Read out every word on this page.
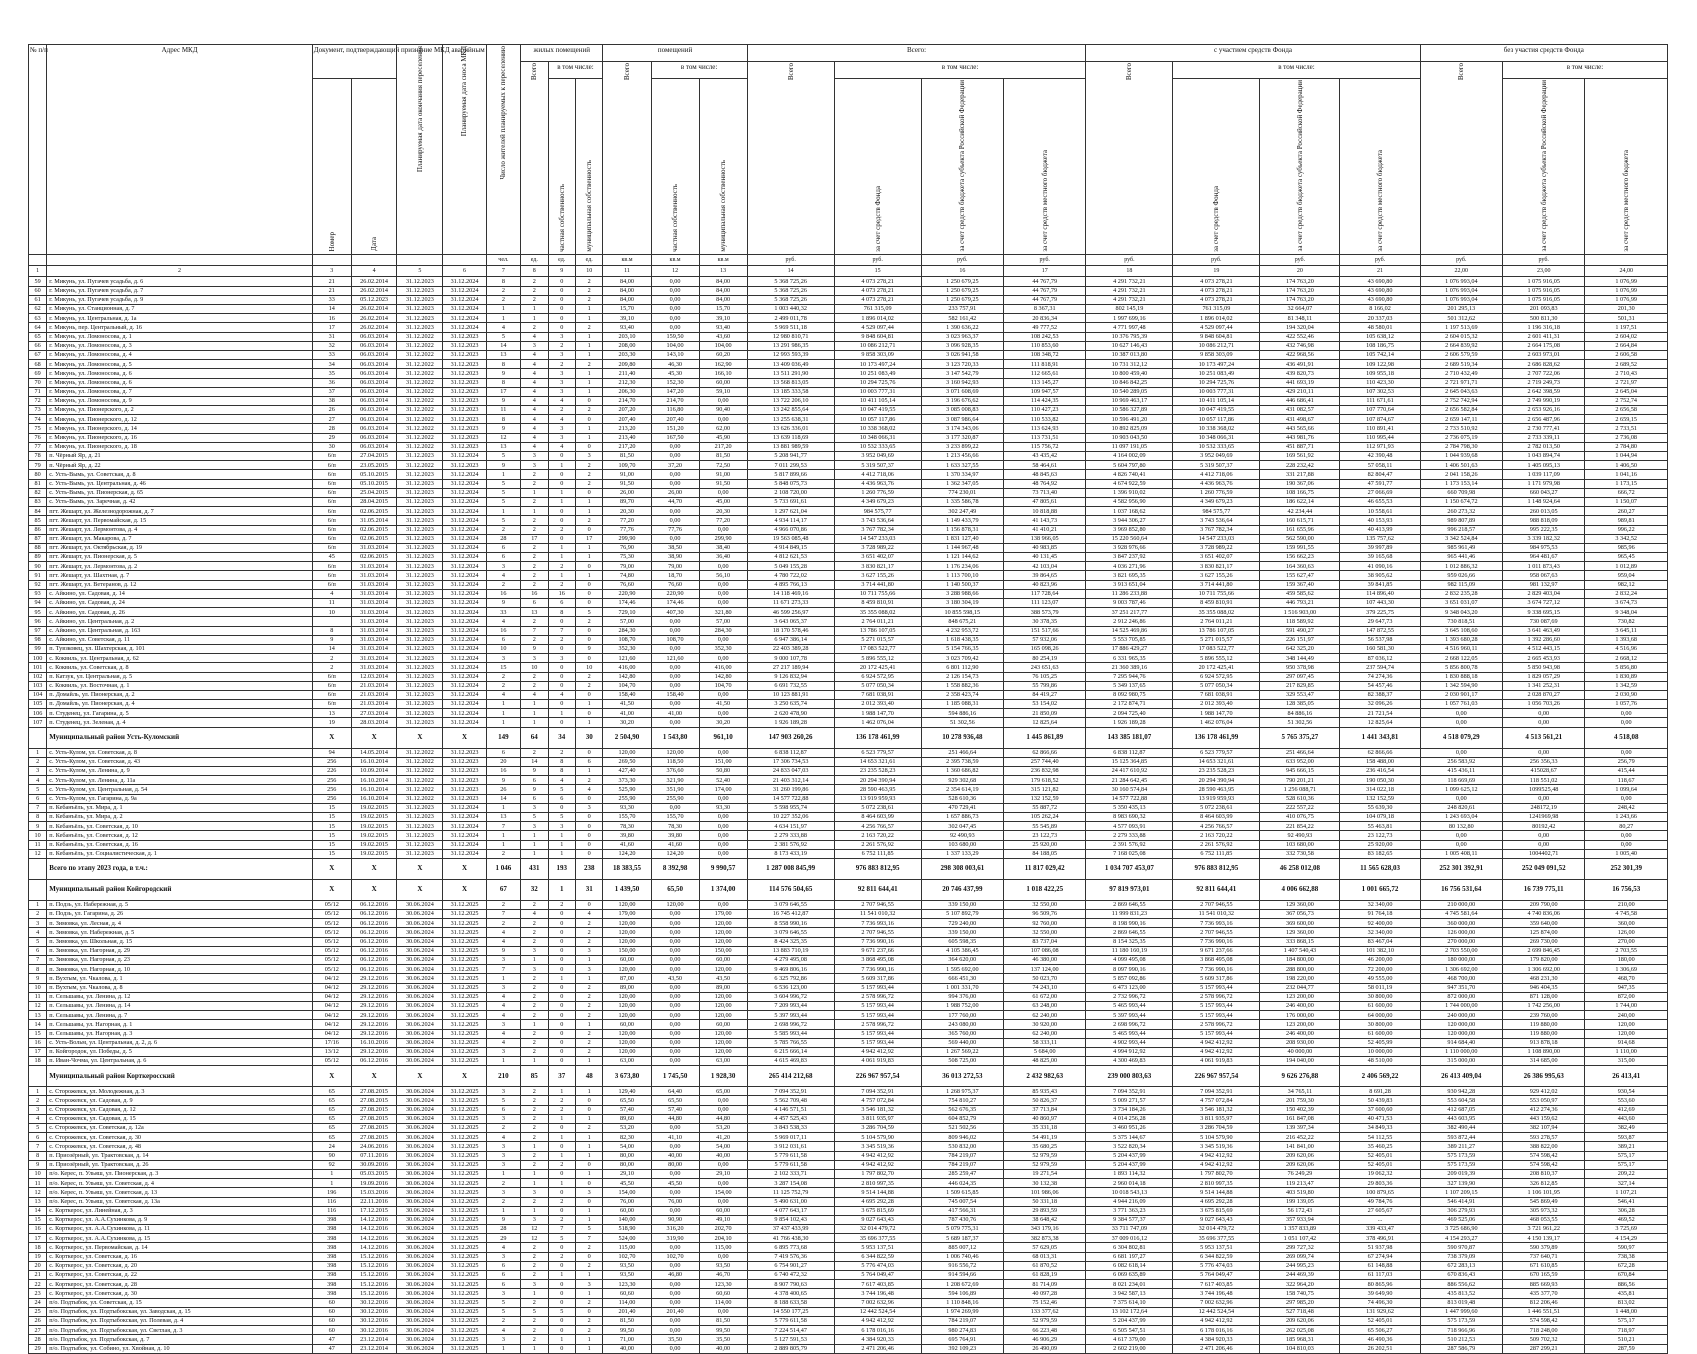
№ п/п	Адрес МКД	Документ, подтверждающий признание МКД аварийным		Планируемая дата окончания переселения	Планируемая дата сноса МКД	Число жителей планируемых к переселению	жилых помещений			помещений			Всего:				с участием средств Фонда				без участия средств Фонда		
							Всего	в том числе:		Всего	в том числе:		Всего	в том числе:			Всего	в том числе:			Всего	в том числе:	
		Номер	Дата					частная собственность	муниципальная собственность		частная собственность	муниципальная собственность		за счет средств Фонда	за счет средств бюджета субъекта Российской Федерации	за счет средств местного бюджета		за счет средств Фонда	за счет средств бюджета субъекта Российской Федерации	за счет средств местного бюджета		за счет средств бюджета субъекта Российской Федерации	за счет средств местного бюджета
						чел.	ед.	ед.	ед.	кв.м	кв.м	кв.м	руб.	руб.	руб.	руб.	руб.	руб.	руб.	руб.	руб.	руб.	
1	2	3	4	5	6	7	8	9	10	11	12	13	14	15	16	17	18	19	20	21	22,00	23,00	24,00
59	г. Микунь, ул. Пугачев усадьба, д. 6	21	26.02.2014	31.12.2023	31.12.2024	8	2	0	2	84,00	0,00	84,00	5 368 725,26	4 073 278,21	1 250 679,25	44 767,79	4 291 732,21	4 073 278,21	174 763,20	43 690,80	1 076 993,04	1 075 916,05	1 076,99
60	г. Микунь, ул. Пугачев усадьба, д. 7	21	26.02.2014	31.12.2023	31.12.2024	2	2	0	2	84,00	0,00	84,00	5 368 725,26	4 073 278,21	1 250 679,25	44 767,79	4 291 732,21	4 073 278,21	174 763,20	43 690,80	1 076 993,04	1 075 916,05	1 076,99
61	г. Микунь, ул. Пугачев усадьба, д. 9	33	05.12.2023	31.12.2023	31.12.2024	2	2	0	2	84,00	0,00	84,00	5 368 725,26	4 073 278,21	1 250 679,25	44 767,79	4 291 732,21	4 073 278,21	174 763,20	43 690,80	1 076 993,04	1 075 916,05	1 076,99
62	г. Микунь, ул. Станционная, д. 7	14	26.02.2014	31.12.2023	31.12.2024	1	1	0	1	15,70	0,00	15,70	1 003 440,32	761 315,09	233 757,91	8 367,31	802 145,19	761 315,09	32 664,07	8 166,02	201 295,13	201 093,83	201,30
63	г. Микунь, ул. Центральная, д. 1а	16	26.02.2014	31.12.2023	31.12.2024	1	1	0	1	39,10	0,00	39,10	2 499 011,78	1 896 014,02	582 161,42	20 836,34	1 997 699,16	1 896 014,02	81 348,11	20 337,03	501 312,62	500 811,30	501,31
64	г. Микунь, пер. Центральный, д. 16	17	26.02.2014	31.12.2023	31.12.2024	4	2	0	2	93,40	0,00	93,40	5 969 511,18	4 529 097,44	1 390 636,22	49 777,52	4 771 997,48	4 529 097,44	194 320,04	48 580,01	1 197 513,69	1 196 316,18	1 197,51
65	г. Микунь, ул. Ломоносова, д. 1	31	06.03.2014	31.12.2022	31.12.2023	5	4	3	1	203,10	159,50	43,60	12 980 810,71	9 848 604,81	3 023 963,37	108 242,53	10 376 795,39	9 848 604,81	422 552,46	105 638,12	2 604 015,32	2 601 411,31	2 604,02
66	г. Микунь, ул. Ломоносова, д. 3	32	06.03.2014	31.12.2022	31.12.2023	14	3	2	1	208,00	104,00	104,00	13 291 986,35	10 086 212,71	3 096 928,35	110 853,60	10 627 146,43	10 086 212,71	432 746,98	108 186,75	2 664 839,92	2 664 175,08	2 664,84
67	г. Микунь, ул. Ломоносова, д. 4	33	06.03.2014	31.12.2022	31.12.2023	13	4	3	1	203,30	143,10	60,20	12 993 593,39	9 858 303,09	3 026 941,58	108 348,72	10 387 013,80	9 858 303,09	422 968,56	105 742,14	2 606 579,59	2 603 973,01	2 606,58
68	г. Микунь, ул. Ломоносова, д. 5	34	06.03.2014	31.12.2022	31.12.2023	8	4	2	2	209,80	46,30	162,90	13 409 036,49	10 173 497,24	3 123 720,33	111 818,91	10 731 312,12	10 173 497,24	436 491,91	109 122,98	2 689 519,34	2 686 828,62	2 689,52
69	г. Микунь, ул. Ломоносова, д. 6	35	06.03.2014	31.12.2022	31.12.2023	9	4	3	1	211,40	45,30	166,10	13 511 291,90	10 251 083,49	3 147 542,79	112 665,61	10 800 459,40	10 251 083,49	439 820,73	109 955,18	2 710 432,49	2 707 722,06	2 710,43
70	г. Микунь, ул. Ломоносова, д. 6	36	06.03.2014	31.12.2022	31.12.2023	8	4	3	1	212,30	152,30	60,00	13 568 813,05	10 294 725,76	3 160 942,93	113 145,27	10 846 842,25	10 294 725,76	441 693,19	110 423,30	2 721 971,71	2 719 249,73	2 721,97
71	г. Микунь, ул. Ломоносова, д. 7	37	06.03.2014	31.12.2022	31.12.2023	17	4	3	1	206,30	147,20	59,10	13 185 333,58	10 003 777,31	3 071 608,69	109 947,57	10 540 289,05	10 003 777,31	429 210,11	107 302,53	2 645 043,63	2 642 398,59	2 645,04
72	г. Микунь, ул. Ломоносова, д. 9	38	06.03.2014	31.12.2022	31.12.2023	9	4	4	0	214,70	214,70	0,00	13 722 206,10	10 411 105,14	3 196 676,62	114 424,35	10 969 463,17	10 411 105,14	446 686,41	111 671,61	2 752 742,94	2 749 990,19	2 752,74
73	г. Микунь, ул. Пионерского, д. 2	26	06.03.2014	31.12.2022	31.12.2023	11	4	2	2	207,20	116,80	90,40	13 242 855,64	10 047 419,55	3 085 008,83	110 427,23	10 586 327,89	10 047 419,55	431 082,57	107 770,64	2 656 582,84	2 653 926,16	2 656,58
74	г. Микунь, ул. Пионерского, д. 12	27	06.03.2014	31.12.2022	31.12.2023	8	4	4	0	207,40	207,40	0,00	13 255 638,31	10 057 117,86	3 087 986,64	110 533,82	10 596 491,20	10 057 117,86	431 498,67	107 874,67	2 659 147,11	2 656 487,96	2 659,15
75	г. Микунь, ул. Пионерского, д. 14	28	06.03.2014	31.12.2022	31.12.2023	9	4	3	1	213,20	151,20	62,00	13 626 336,01	10 338 368,02	3 174 343,06	113 624,93	10 892 825,09	10 338 368,02	443 565,66	110 891,41	2 733 510,92	2 730 777,41	2 733,51
76	г. Микунь, ул. Пионерского, д. 16	29	06.03.2014	31.12.2022	31.12.2023	12	4	3	1	213,40	167,50	45,90	13 639 118,69	10 348 066,31	3 177 320,87	113 731,51	10 903 043,50	10 348 066,31	443 981,76	110 995,44	2 736 075,19	2 733 339,11	2 736,08
77	г. Микунь, ул. Пионерского, д. 18	30	06.03.2014	31.12.2022	31.12.2023	13	4	4	0	217,20	0,00	217,20	13 881 989,59	10 532 333,65	3 233 899,22	115 756,72	11 097 191,05	10 532 333,65	451 887,71	112 971,93	2 784 798,30	2 782 013,50	2 784,80
78	п. Чёрный Яр, д. 21	6/п	27.04.2015	31.12.2023	31.12.2024	5	3	0	3	81,50	0,00	81,50	5 208 941,77	3 952 049,69	1 213 456,66	43 435,42	4 164 002,09	3 952 049,69	169 561,92	42 390,48	1 044 939,68	1 043 894,74	1 044,94
79	п. Чёрный Яр, д. 22	6/п	23.05.2015	31.12.2022	31.12.2023	9	3	1	2	109,70	37,20	72,50	7 011 299,53	5 319 507,37	1 633 327,55	58 464,61	5 604 797,80	5 319 507,37	228 232,42	57 058,11	1 406 501,63	1 405 095,13	1 406,50
80	с. Усть-Вымь, ул. Советская, д. 8	6/п	05.10.2015	31.12.2023	31.12.2024	1	2	0	2	91,00	0,00	91,00	5 817 899,66	4 412 718,06	1 370 334,97	48 845,63	4 826 740,41	4 412 718,06	331 217,88	82 804,47	2 041 158,26	1 039 117,09	1 041,16
81	с. Усть-Вымь, ул. Центральная, д. 46	6/п	05.10.2015	31.12.2023	31.12.2024	5	2	0	2	91,50	0,00	91,50	5 848 075,73	4 436 963,76	1 362 347,05	48 764,92	4 674 922,59	4 436 963,76	190 367,06	47 591,77	1 173 153,14	1 171 979,98	1 173,15
82	с. Усть-Вымь, ул. Пионерская, д. 65	6/п	25.04.2015	31.12.2023	31.12.2024	5	1	1	0	26,00	26,00	0,00	2 108 720,00	1 260 776,59	774 230,01	73 713,40	1 396 910,02	1 260 776,59	108 166,75	27 066,69	660 709,98	660 043,27	666,72
83	с. Усть-Вымь, ул. Заречная, д. 42	6/п	28.04.2015	31.12.2023	31.12.2024	5	2	1	1	89,70	44,70	45,00	5 733 691,61	4 349 679,23	1 335 586,78	47 805,61	4 582 956,90	4 349 679,23	186 622,14	46 655,53	1 150 674,72	1 148 924,64	1 150,07
84	пгт. Жешарт, ул. Железнодорожная, д. 7	6/п	02.06.2015	31.12.2023	31.12.2024	1	1	0	1	20,30	0,00	20,30	1 297 621,04	984 575,77	302 247,49	10 818,88	1 037 168,62	984 575,77	42 234,44	10 558,61	260 273,32	260 013,05	260,27
85	пгт. Жешарт, ул. Первомайская, д. 15	6/п	31.05.2014	31.12.2023	31.12.2024	5	2	0	2	77,20	0,00	77,20	4 934 114,17	3 743 536,64	1 149 433,79	41 143,73	3 944 306,27	3 743 536,64	160 615,71	40 153,93	989 807,89	988 818,09	989,81
86	пгт. Жешарт, ул. Лермонтова, д. 4	6/п	02.06.2015	31.12.2023	31.12.2024	2	2	2	0	77,76	77,76	0,00	4 966 070,86	3 767 782,34	1 156 878,31	41 410,21	3 969 852,80	3 767 782,34	161 655,96	40 413,99	996 218,57	995 222,35	996,22
87	пгт. Жешарт, ул. Макарова, д. 7	6/п	02.06.2015	31.12.2023	31.12.2024	28	17	0	17	299,90	0,00	299,90	19 563 085,48	14 547 233,03	1 831 127,40	138 966,05	15 220 560,64	14 547 233,03	562 590,00	135 757,62	3 342 524,84	3 339 182,32	3 342,52
88	пгт. Жешарт, ул. Октябрьская, д. 19	6/п	31.03.2014	31.12.2023	31.12.2024	6	2	1	1	76,90	38,50	38,40	4 914 849,15	3 728 989,22	1 144 967,48	40 983,85	3 928 976,66	3 728 989,22	159 991,55	39 997,89	985 961,49	984 975,53	985,96
89	пгт. Жешарт, ул. Пионерская, д. 5	45	02.06.2015	31.12.2023	31.12.2024	6	2	1	1	75,30	38,90	36,40	4 812 621,53	3 651 402,07	1 121 144,62	40 131,45	3 847 237,92	3 651 402,07	156 662,23	39 165,68	965 441,46	964 481,67	965,45
90	пгт. Жешарт, ул. Лермонтова, д. 2	6/п	31.03.2014	31.12.2023	31.12.2024	3	2	2	0	79,00	79,00	0,00	5 049 155,28	3 830 821,17	1 176 234,06	42 103,04	4 036 271,96	3 830 821,17	164 360,63	41 090,16	1 012 886,32	1 011 873,43	1 012,89
91	пгт. Жешарт, ул. Шахтная, д. 7	6/п	31.03.2014	31.12.2023	31.12.2024	4	2	1	1	74,80	18,70	56,10	4 780 722,02	3 627 155,26	1 113 700,10	39 864,65	3 821 695,35	3 627 155,26	155 627,47	38 905,62	959 026,66	958 067,63	959,04
92	пгт. Жешарт, ул. Ветеранов, д. 12	6/п	31.03.2014	31.12.2023	31.12.2024	2	2	2	0	76,60	76,60	0,00	4 895 766,13	3 714 441,80	1 140 500,37	40 823,96	3 913 651,04	3 714 441,80	159 367,40	39 841,85	982 115,09	981 132,97	982,12
93	с. Айкино, ул. Садовая, д. 14	4	31.03.2014	31.12.2023	31.12.2024	16	16	16	0	220,90	220,90	0,00	14 118 469,16	10 711 755,66	3 288 988,66	117 728,64	11 286 233,88	10 711 755,66	459 585,62	114 896,40	2 832 235,28	2 829 403,04	2 832,24
94	с. Айкино, ул. Садовая, д. 24	11	31.03.2014	31.12.2023	31.12.2024	9	6	6	0	174,46	174,46	0,00	11 671 273,33	8 459 810,91	3 180 304,19	111 123,07	9 003 787,46	8 459 810,91	446 793,21	107 443,30	3 651 031,07	3 674 727,12	3 674,73
95	с. Айкино, ул. Садовая, д. 26	10	31.03.2014	31.12.2023	31.12.2024	33	13	8	5	729,10	407,30	321,80	46 599 256,97	35 355 088,02	10 855 598,15	388 573,79	37 251 217,77	35 355 088,02	1 516 903,00	379 225,75	9 348 043,20	9 338 695,15	9 348,04
96	с. Айкино, ул. Центральная, д. 2		31.03.2014	31.12.2023	31.12.2024	4	2	0	2	57,00	0,00	57,00	3 643 065,37	2 764 011,21	848 675,21	30 378,35	2 912 246,86	2 764 011,21	118 589,92	29 647,73	730 818,51	730 087,69	730,82
97	с. Айкино, ул. Центральная, д. 163	8	31.03.2014	31.12.2023	31.12.2024	16	7	7	0	284,30	0,00	284,30	18 170 578,46	13 786 107,05	4 232 953,72	151 517,66	14 525 469,86	13 786 107,05	591 490,27	147 872,55	3 645 108,60	3 641 463,49	3 645,11
98	с. Айкино, ул. Советская, д. 11	9	31.03.2014	31.12.2023	31.12.2024	6	2	2	0	108,70	108,70	0,00	6 947 386,14	5 271 015,57	1 618 438,35	57 932,06	5 553 705,85	5 271 015,57	226 151,97	56 537,98	1 393 680,28	1 392 286,60	1 393,68
99	п. Тувзковец, ул. Шахтерская, д. 101	14	31.03.2014	31.12.2023	31.12.2024	10	9	0	9	352,30	0,00	352,30	22 403 389,28	17 083 522,77	5 154 766,35	165 098,26	17 886 429,27	17 083 522,77	642 325,20	160 581,30	4 516 960,11	4 512 443,15	4 516,96
100	с. Коквиль, ул. Центральная, д. 62	2	31.03.2014	31.12.2023	31.12.2024	3	3	3	0	121,60	121,60	0,00	9 000 107,78	5 896 555,12	3 023 709,42	80 254,19	6 331 965,35	5 896 555,12	348 144,49	87 036,12	2 668 122,05	2 665 453,93	2 668,12
101	с. Коквиль, ул. Советская, д. 8	2	31.03.2014	31.12.2023	31.12.2024	15	10	0	10	416,00	0,00	416,00	27 217 189,94	20 172 425,41	6 801 112,90	243 651,63	21 360 389,16	20 172 425,41	950 378,98	237 594,74	5 856 800,78	5 850 943,98	5 856,80
102	п. Катзук, ул. Центральная, д. 5	6/п	12.03.2014	31.12.2023	31.12.2024	2	2	0	2	142,80	0,00	142,80	9 126 832,94	6 924 572,95	2 126 154,73	76 105,25	7 295 944,76	6 924 572,95	297 097,45	74 274,36	1 830 888,18	1 829 057,29	1 830,89
103	с. Коквиль, ул. Восточная, д. 1	6/п	21.03.2014	31.12.2023	31.12.2024	2	2	0	2	104,70	0,00	104,70	6 691 732,55	5 077 050,34	1 558 882,36	55 799,86	5 349 137,65	5 077 050,34	217 829,85	54 457,46	1 342 594,90	1 341 252,31	1 342,59
104	п. Домайль, ул. Пионерская, д. 2	6/п	21.03.2014	31.12.2023	31.12.2024	4	4	4	0	158,40	158,40	0,00	10 123 881,91	7 681 038,91	2 358 423,74	84 419,27	8 092 980,75	7 681 038,91	329 553,47	82 388,37	2 030 901,17	2 028 870,27	2 030,90
105	п. Домайль, ул. Пионерская, д. 4	6/п	21.03.2014	31.12.2023	31.12.2024	1	1	0	1	41,50	0,00	41,50	3 250 635,74	2 012 393,40	1 185 088,31	53 154,02	2 172 874,71	2 012 393,40	128 385,05	32 096,26	1 057 761,03	1 056 703,26	1 057,76
106	п. Студенец, ул. Гагарина, д. 5	13	27.03.2014	31.12.2023	31.12.2024	1	1	1	0	41,00	41,00	0,00	2 620 478,90	1 988 147,70	594 886,16	21 850,09	2 094 725,40	1 988 147,70	84 886,16	21 721,54	0,00	0,00	0,00
107	п. Студенец, ул. Зеленая, д. 4	19	28.03.2014	31.12.2023	31.12.2024	1	1	0	1	30,20	0,00	30,20	1 926 189,28	1 462 076,04	51 302,56	12 825,64	1 926 189,28	1 462 076,04	51 302,56	12 825,64	0,00	0,00	0,00
	Муниципальный район Усть-Куломский	X	X	X	X	149	64	34	30	2 504,90	1 543,80	961,10	147 903 260,26	136 178 461,99	10 278 936,48	1 445 861,89	143 385 181,07	136 178 461,99	5 765 375,27	1 441 343,81	4 518 079,29	4 513 561,21	4 518,08
1	с. Усть-Кулом, ул. Советская, д. 8	94	14.05.2014	31.12.2022	31.12.2023	6	2	2	0	120,00	120,00	0,00	6 838 112,87	6 523 779,57	251 466,64	62 866,66	6 838 112,87	6 523 779,57	251 466,64	62 866,66	0,00	0,00	0,00
2	с. Усть-Кулом, ул. Советская, д. 43	256	16.10.2014	31.12.2022	31.12.2023	20	14	8	6	269,50	118,50	151,00	17 306 734,53	14 653 321,61	2 395 738,59	257 744,40	15 125 364,85	14 653 321,61	633 952,00	158 488,00	256 583,92	256 356,33	256,79
3	с. Усть-Кулом, ул. Ленина, д. 9	226	10.09.2014	31.12.2022	31.12.2023	16	9	8	1	427,40	376,60	50,80	24 833 047,03	23 235 528,23	1 360 686,82	236 832,98	24 417 610,92	23 235 528,23	945 666,15	236 416,54	415 436,11	415028,67	415,44
4	с. Усть-Кулом, ул. Ленина, д. 11а	256	16.10.2014	31.12.2022	31.12.2023	9	6	4	2	373,30	321,90	52,40	21 403 312,14	20 294 390,94	929 302,68	179 618,52	21 284 642,45	20 294 390,94	790 201,21	190 050,30	118 669,69	118 551,02	118,67
5	с. Усть-Кулом, ул. Центральная, д. 54	256	16.10.2014	31.12.2022	31.12.2023	26	9	5	4	525,90	351,90	174,00	31 260 199,86	28 590 463,95	2 354 614,19	315 121,82	30 160 574,84	28 590 463,95	1 256 088,71	314 022,18	1 099 625,12	1099525,48	1 099,64
6	с. Усть-Кулом, ул. Гагарина, д. 9а	256	16.10.2014	31.12.2022	31.12.2023	14	6	6	0	255,90	255,90	0,00	14 577 722,88	13 919 959,93	528 610,36	132 152,59	14 577 722,88	13 919 959,93	528 610,36	132 152,59	0,00	0,00	0,00
7	п. Кебанъёль, ул. Мира, д. 1	15	19.02.2015	31.12.2023	31.12.2024	1	3	0	3	93,30	0,00	93,30	5 598 955,74	5 072 238,61	470 729,41	55 887,72	5 350 435,13	5 072 238,61	222 557,22	55 639,30	248 820,61	248172,19	248,42
8	п. Кебанъёль, ул. Мира, д. 2	15	19.02.2015	31.12.2023	31.12.2024	13	5	5	0	155,70	155,70	0,00	10 227 352,06	8 464 603,99	1 657 886,73	105 262,24	8 983 690,32	8 464 603,99	410 076,75	104 079,18	1 243 693,04	1241969,98	1 243,66
9	п. Кебанъёль, ул. Советская, д. 10	15	19.02.2015	31.12.2023	31.12.2024	7	3	3	0	78,30	78,30	0,00	4 634 151,97	4 256 766,57	302 047,45	55 545,89	4 577 093,91	4 256 766,57	221 854,22	55 463,81	80 132,80	80192,42	80,27
10	п. Кебанъёль, ул. Советская, д. 12	15	19.02.2015	31.12.2023	31.12.2024	1	1	1	0	39,80	39,80	0,00	2 279 333,88	2 163 720,22	92 490,93	23 122,73	2 279 333,88	2 163 720,22	92 490,93	23 122,73	0,00	0,00	0,00
11	п. Кебанъёль, ул. Советская, д. 16	15	19.02.2015	31.12.2023	31.12.2024	1	1	1	0	41,60	41,60	0,00	2 381 576,92	2 261 576,92	103 680,00	25 920,00	2 391 576,92	2 261 576,92	103 680,00	25 920,00	0,00	0,00	0,00
12	п. Кебанъёль, ул. Социалистическая, д. 1	15	19.02.2015	31.12.2023	31.12.2024	2	1	1	0	124,20	124,20	0,00	8 173 433,19	6 752 111,85	1 337 133,29	84 188,05	7 168 025,08	6 752 111,85	332 730,58	83 182,65	1 005 408,11	1004402,71	1 005,40
	Всего по этапу 2023 года, в т.ч.:	X	X	X	X	1 046	431	193	238	18 383,55	8 392,98	9 990,57	1 287 008 845,99	976 883 812,95	298 308 003,61	11 817 029,42	1 034 707 453,07	976 883 812,95	46 258 012,08	11 565 628,03	252 301 392,91	252 049 091,52	252 301,39
	Муниципальный район Койгородский	X	X	X	X	67	32	1	31	1 439,50	65,50	1 374,00	114 576 504,65	92 811 644,41	20 746 437,99	1 018 422,25	97 819 973,01	92 811 644,41	4 006 662,88	1 001 665,72	16 756 531,64	16 739 775,11	16 756,53
1	п. Подзь, ул. Набережная, д. 5	05/12	06.12.2016	30.06.2024	31.12.2025	2	2	2	0	120,00	120,00	0,00	3 079 646,55	2 707 946,55	339 150,00	32 550,00	2 869 646,55	2 707 946,55	129 360,00	32 340,00	210 000,00	209 790,00	210,00
2	п. Подзь, ул. Гагарина, д. 26	05/12	06.12.2016	30.06.2024	31.12.2025	7	4	0	4	179,00	0,00	179,00	16 745 412,87	11 541 010,32	5 107 892,79	96 509,76	11 999 831,23	11 541 010,32	367 056,73	91 764,18	4 745 581,64	4 740 836,06	4 745,58
3	п. Зимовка, ул. Лесная, д. 4	05/12	06.12.2016	30.06.2024	31.12.2025	2	2	0	2	120,00	0,00	120,00	8 558 990,16	7 736 993,16	729 240,00	92 760,00	8 198 990,16	7 736 993,16	369 600,00	92 400,00	360 000,00	359 640,00	360,00
4	п. Зимовка, ул. Набережная, д. 5	05/12	06.12.2016	30.06.2024	31.12.2025	4	2	0	2	120,00	0,00	120,00	3 079 646,55	2 707 946,55	339 150,00	32 550,00	2 869 646,55	2 707 946,55	129 360,00	32 340,00	126 000,00	125 874,00	126,00
5	п. Зимовка, ул. Школьная, д. 15	05/12	06.12.2016	30.06.2024	31.12.2025	4	2	0	2	120,00	0,00	120,00	8 424 325,35	7 736 990,16	605 598,35	83 737,04	8 154 325,35	7 736 990,16	333 868,15	83 467,04	270 000,00	269 730,00	270,00
6	п. Зимовка, ул. Нагорная, д. 29	05/12	06.12.2016	30.06.2024	31.12.2025	9	3	0	3	150,00	0,00	150,00	13 883 710,19	9 671 237,66	4 105 386,45	107 086,08	11 180 160,19	9 671 237,66	1 407 540,43	101 382,10	2 703 550,00	2 699 846,45	2 703,55
7	п. Зимовка, ул. Нагорная, д. 23	05/12	06.12.2016	30.06.2024	31.12.2025	3	1	0	1	60,00	0,00	60,00	4 279 495,08	3 868 495,08	364 620,00	46 380,00	4 099 495,08	3 868 495,08	184 800,00	46 200,00	180 000,00	179 820,00	180,00
8	п. Зимовка, ул. Нагорная, д. 10	05/12	06.12.2016	30.06.2024	31.12.2025	7	3	0	3	120,00	0,00	120,00	9 469 806,16	7 736 990,16	1 595 692,00	137 124,00	8 097 990,16	7 736 990,16	288 800,00	72 200,00	1 306 692,00	1 306 692,00	1 306,69
9	п. Вухтым, ул. Чкалова, д. 1	04/12	29.12.2016	30.06.2024	31.12.2025	1	2	1	1	87,00	43,50	43,50	6 325 792,86	5 609 317,86	666 451,30	50 023,70	5 857 092,86	5 609 317,86	198 220,00	49 555,00	468 700,00	468 231,30	468,70
10	п. Вухтым, ул. Чкалова, д. 8	04/12	29.12.2016	30.06.2024	31.12.2025	3	2	0	2	89,00	0,00	89,00	6 536 123,00	5 157 993,44	1 001 331,70	74 243,10	6 473 123,00	5 157 993,44	232 044,77	58 011,19	947 351,70	946 404,35	947,35
11	п. Сельшавы, ул. Ленина, д. 12	04/12	29.12.2016	30.06.2024	31.12.2025	4	2	0	2	120,00	0,00	120,00	3 604 996,72	2 578 996,72	994 376,00	61 672,00	2 732 996,72	2 578 996,72	123 200,00	30 800,00	872 000,00	871 128,00	872,00
12	п. Сельшавы, ул. Ленина, д. 14	04/12	29.12.2016	30.06.2024	31.12.2025	4	2	0	2	120,00	0,00	120,00	7 209 993,44	5 157 993,44	1 988 752,00	63 248,00	5 465 993,44	5 157 993,44	246 400,00	61 600,00	1 744 000,00	1 742 256,00	1 744,00
13	п. Сельшавы, ул. Ленина, д. 7	04/12	29.12.2016	30.06.2024	31.12.2025	4	2	0	2	120,00	0,00	120,00	5 397 993,44	5 157 993,44	177 760,00	62 240,00	5 397 993,44	5 157 993,44	176 000,00	64 000,00	240 000,00	239 760,00	240,00
14	п. Сельшавы, ул. Нагорная, д. 1	04/12	29.12.2016	30.06.2024	31.12.2025	3	1	0	1	60,00	0,00	60,00	2 698 996,72	2 578 996,72	243 080,00	30 920,00	2 698 996,72	2 578 996,72	123 200,00	30 800,00	120 000,00	119 880,00	120,00
15	п. Сельшавы, ул. Нагорная, д. 3	04/12	29.12.2016	30.06.2024	31.12.2025	4	2	0	2	120,00	0,00	120,00	5 585 993,44	5 157 993,44	365 760,00	62 240,00	5 465 993,44	5 157 993,44	246 400,00	61 600,00	120 000,00	119 880,00	120,00
16	с. Усть-Вольм, ул. Центральная, д. 2, д. 6	17/16	16.10.2016	30.06.2024	31.12.2025	4	2	0	2	120,00	0,00	120,00	5 785 766,55	5 157 993,44	569 440,00	58 333,11	4 902 993,44	4 942 412,92	208 930,00	52 405,99	914 684,40	913 878,18	914,68
17	п. Койгородок, ул. Победы, д. 5	13/12	29.12.2016	30.06.2024	31.12.2025	3	2	0	2	120,00	0,00	120,00	6 215 666,14	4 942 412,92	1 267 569,22	5 684,00	4 994 912,92	4 942 412,92	40 000,00	10 000,00	1 110 000,00	1 108 890,00	1 110,00
18	п. Иван-Чочма, ул. Центральная, д. 6	05/12	06.12.2016	30.06.2024	31.12.2025	1	1	0	1	63,00	0,00	63,00	4 615 469,83	4 061 919,83	508 725,00	48 825,00	4 300 469,83	4 061 919,83	194 040,00	48 510,00	315 000,00	314 685,00	315,00
	Муниципальный район Корткеросский	X	X	X	X	210	85	37	48	3 673,80	1 745,50	1 928,30	265 414 212,68	226 967 957,54	36 013 272,53	2 432 982,63	239 000 803,63	226 967 957,54	9 626 276,88	2 406 569,22	26 413 409,04	26 386 995,63	26 413,41
1	с. Сторожевск, ул. Молодежная, д. 3	65	27.08.2015	30.06.2024	31.12.2025	3	2	1	1	129,40	64,40	65,00	7 094 352,91	7 094 352,91	1 268 975,37	85 935,43	7 094 352,91	7 094 352,91	34 765,11	8 691,28	930 942,28	929 412,02	930,54
2	с. Сторожевск, ул. Садовая, д. 9	65	27.08.2015	30.06.2024	31.12.2025	5	2	2	0	65,50	65,50	0,00	5 562 709,48	4 757 072,84	754 810,27	50 826,37	5 009 271,57	4 757 072,84	201 759,30	50 439,83	553 604,58	553 050,97	553,60
3	с. Сторожевск, ул. Садовая, д. 12	65	27.08.2015	30.06.2024	31.12.2025	6	2	2	0	57,40	57,40	0,00	4 146 571,51	3 546 181,32	562 676,35	37 713,84	3 734 184,26	3 546 181,32	150 402,39	37 600,60	412 687,05	412 274,36	412,69
4	с. Сторожевск, ул. Садовая, д. 15	65	27.08.2015	30.06.2024	31.12.2025	3	2	1	1	89,60	44,80	44,80	4 457 525,43	3 811 935,97	604 852,79	40 860,97	4 014 256,28	3 811 935,97	161 847,08	40 471,53	443 603,95	443 159,62	443,60
5	с. Сторожевск, ул. Советская, д. 12а	65	27.08.2015	30.06.2024	31.12.2025	2	2	0	2	53,20	0,00	53,20	3 843 538,33	3 286 704,59	521 502,56	35 331,18	3 460 951,26	3 286 704,59	139 397,34	34 849,33	382 490,44	382 107,94	382,49
6	с. Сторожевск, ул. Советская, д. 30	65	27.08.2015	30.06.2024	31.12.2025	4	2	1	1	82,30	41,10	41,20	5 969 017,11	5 104 579,90	809 946,02	54 491,19	5 375 144,67	5 104 579,90	216 452,22	54 112,55	593 872,44	593 278,57	593,87
7	с. Сторожевск, ул. Советская, д. 48	24	24.06.2016	30.06.2024	31.12.2025	3	1	0	1	54,00	0,00	54,00	3 912 031,61	3 345 519,36	530 832,00	35 680,25	3 522 820,34	3 345 519,36	141 841,00	35 460,25	389 211,27	388 822,00	389,21
8	п. Приозёрный, ул. Трактовская, д. 14	90	07.11.2016	30.06.2024	31.12.2025	3	2	1	1	80,00	40,00	40,00	5 779 611,58	4 942 412,92	784 219,07	52 979,59	5 204 437,99	4 942 412,92	209 620,06	52 405,01	575 173,59	574 598,42	575,17
9	п. Приозёрный, ул. Трактовская, д. 26	92	30.09.2016	30.06.2024	31.12.2025	3	2	2	0	80,00	80,00	0,00	5 779 611,58	4 942 412,92	784 219,07	52 979,59	5 204 437,99	4 942 412,92	209 620,06	52 405,01	575 173,59	574 598,42	575,17
10	п/о. Керес, п. Ульяш, ул. Пионерская, д. 3	1	05.03.2015	30.06.2024	31.12.2025	1	1	0	1	29,10	0,00	29,10	2 102 333,71	1 797 802,70	285 259,47	19 271,54	1 893 114,32	1 797 802,70	76 249,29	19 062,32	209 019,39	208 810,37	209,22
11	п/о. Керес, п. Ульяш, ул. Советская, д. 4	1	19.09.2016	30.06.2024	31.12.2025	2	1	1	0	45,50	45,50	0,00	3 287 154,08	2 810 997,35	446 024,35	30 132,38	2 960 014,18	2 810 997,35	119 213,47	29 803,36	327 139,90	326 812,85	327,14
12	п/о. Керес, п. Ульяш, ул. Советская, д. 13	196	15.03.2016	30.06.2024	31.12.2025	3	3	0	3	154,00	0,00	154,00	11 125 752,79	9 514 144,88	1 509 615,85	101 986,06	10 018 543,13	9 514 144,88	403 519,80	100 879,65	1 107 209,15	1 106 101,95	1 107,21
13	п/о. Керес, п. Ульяш, ул. Советская, д. 13а	116	22.11.2016	30.06.2024	31.12.2025	2	2	2	0	76,00	76,00	0,00	5 490 631,00	4 695 292,28	745 007,54	50 331,18	4 944 216,09	4 695 292,28	199 139,05	49 784,76	546 414,91	545 869,49	546,41
14	с. Корткерос, ул. Линейная, д. 3	116	17.12.2015	30.06.2024	31.12.2025	1	1	0	1	60,00	0,00	60,00	4 077 643,17	3 675 815,69	417 566,31	29 893,59	3 771 363,23	3 675 815,69	56 172,43	27 605,67	306 279,93	305 973,32	306,28
15	с. Корткерос, ул. А.А.Сухинкова, д. 9	398	14.12.2016	30.06.2024	31.12.2025	9	3	2	1	140,00	90,90	49,10	9 854 102,43	9 027 643,43	787 430,76	38 648,42	9 384 577,37	9 027 643,43	357 933,94	...	469 525,06	468 053,55	469,52
16	с. Корткерос, ул. А.А.Сухинкова, д. 11	398	14.12.2016	30.06.2024	31.12.2025	28	12	7	5	518,90	316,20	202,70	37 437 433,99	32 014 479,72	5 079 775,31	343 179,16	33 711 747,09	32 014 479,72	1 357 833,89	339 433,47	3 725 686,90	3 721 961,22	3 725,69
17	с. Корткерос, ул. А.А.Сухинкова, д. 15	398	14.12.2016	30.06.2024	31.12.2025	29	12	5	7	524,00	319,90	204,10	41 766 438,30	35 696 377,55	5 689 187,37	382 873,38	37 009 016,12	35 696 377,55	1 051 107,42	378 496,91	4 154 293,27	4 150 139,17	4 154,29
18	с. Корткерос, ул. Первомайская, д. 14	398	14.12.2016	30.06.2024	31.12.2025	4	2	0	2	115,00	0,00	115,00	6 895 773,68	5 953 137,51	885 007,12	57 629,05	6 304 802,81	5 953 137,51	299 727,32	51 937,98	590 970,87	590 379,89	590,97
19	с. Корткерос, ул. Советская, д. 16	398	15.12.2016	30.06.2024	31.12.2025	3	2	2	0	102,70	102,70	0,00	7 419 576,36	6 344 822,59	1 006 740,46	68 013,31	6 681 197,27	6 344 822,59	269 099,74	67 274,94	738 379,09	737 640,71	738,38
20	с. Корткерос, ул. Советская, д. 20	398	15.12.2016	30.06.2024	31.12.2025	6	2	0	2	93,50	0,00	93,50	6 754 901,27	5 776 474,03	916 556,72	61 870,52	6 082 618,14	5 776 474,03	244 995,23	61 148,88	672 283,13	671 610,85	672,28
21	с. Корткерос, ул. Советская, д. 22	398	15.12.2016	30.06.2024	31.12.2025	6	2	1	1	93,50	46,80	46,70	6 740 472,32	5 764 049,47	914 594,66	61 828,19	6 069 635,89	5 764 049,47	244 469,39	61 117,03	670 836,43	670 165,59	670,84
22	с. Корткерос, ул. Советская, д. 28	398	15.12.2016	30.06.2024	31.12.2025	6	3	0	3	123,30	0,00	123,30	8 907 790,63	7 617 403,85	1 208 672,69	81 714,09	8 021 234,01	7 617 403,85	322 964,20	80 865,96	886 556,62	885 669,93	886,56
23	с. Корткерос, ул. Советская, д. 30	398	15.12.2016	30.06.2024	31.12.2025	3	1	0	1	60,60	0,00	60,60	4 378 400,65	3 744 196,48	594 106,89	40 097,28	3 942 587,13	3 744 196,48	158 740,75	39 649,90	435 813,52	435 377,70	435,81
24	п/о. Подтыбок, ул. Советская, д. 15	60	30.12.2016	30.06.2024	31.12.2025	5	2	0	2	114,00	0,00	114,00	8 188 633,58	7 002 632,96	1 110 848,16	75 152,46	7 375 614,10	7 002 632,96	297 985,20	74 496,30	813 019,48	812 206,46	813,02
25	п/о. Подтыбок, ул. Подтыбокская, ул. Заводская, д. 15	60	30.12.2016	30.06.2024	31.12.2025	5	5	5	0	201,40	201,40	0,00	14 550 177,25	12 442 524,54	1 974 269,99	133 377,62	13 102 172,64	12 442 524,54	527 718,48	131 929,62	1 447 999,60	1 446 551,51	1 448,00
26	п/о. Подтыбок, ул. Подтыбокская, ул. Полевая, д. 4	60	30.12.2016	30.06.2024	31.12.2025	2	2	0	2	81,50	0,00	81,50	5 779 611,58	4 942 412,92	784 219,07	52 979,59	5 204 437,99	4 942 412,92	209 620,06	52 405,01	575 173,59	574 598,42	575,17
27	п/о. Подтыбок, ул. Подтыбокская, ул. Светлая, д. 3	60	30.12.2016	30.06.2024	31.12.2025	4	2	0	2	99,50	0,00	99,50	7 224 514,47	6 178 016,16	980 274,83	66 223,48	6 505 547,51	6 178 016,16	262 025,08	65 506,27	718 966,96	718 248,00	718,97
28	п/о. Подтыбок, ул. Подтыбокская, д. 7	47	23.12.2014	30.06.2024	31.12.2025	3	2	1	1	71,00	35,50	35,50	5 127 591,53	4 384 920,33	695 764,91	46 906,29	4 617 379,00	4 384 920,33	185 968,31	46 490,36	510 212,53	509 702,32	510,21
29	п/о. Подтыбок, ул. Собино, ул. Хвойная, д. 10	47	23.12.2014	30.06.2024	31.12.2025	1	1	0	1	40,00	0,00	40,00	2 889 805,79	2 471 206,46	392 109,23	26 490,09	2 602 219,00	2 471 206,46	104 810,03	26 202,51	287 586,79	287 299,21	287,59
